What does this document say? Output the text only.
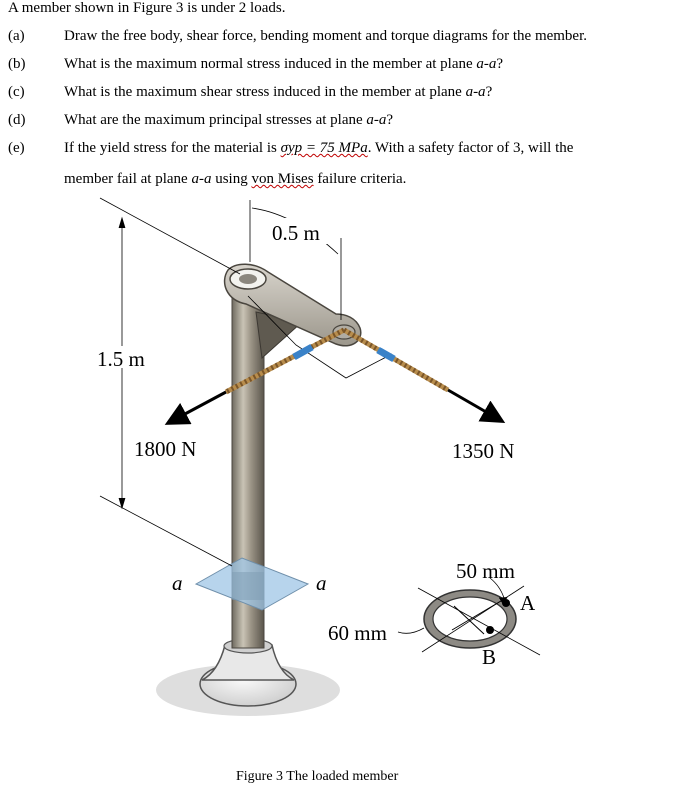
A member shown in Figure 3 is under 2 loads.
(a)	Draw the free body, shear force, bending moment and torque diagrams for the member.
(b)	What is the maximum normal stress induced in the member at plane a-a?
(c)	What is the maximum shear stress induced in the member at plane a-a?
(d)	What are the maximum principal stresses at plane a-a?
(e)	If the yield stress for the material is σyp = 75 MPa. With a safety factor of 3, will the
member fail at plane a-a using von Mises failure criteria.
1.5 m
0.5 m
1800 N	1350 N
a	a	50 mm
60 mm
A
B
Figure 3 The loaded member
